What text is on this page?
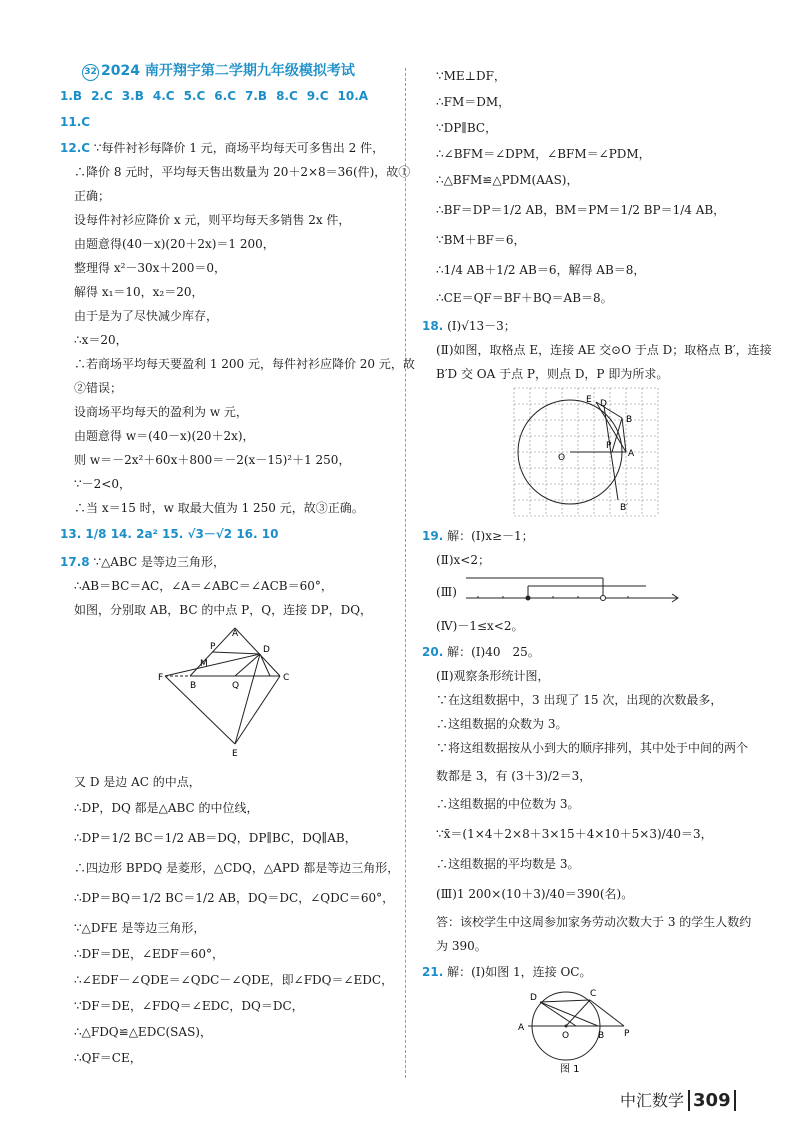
32 2024 南开翔宇第二学期九年级模拟考试

1.B 2.C 3.B 4.C 5.C 6.C 7.B 8.C 9.C 10.A

11.C

12.C ∵每件衬衫每降价 1 元，商场平均每天可多售出 2 件，

∴降价 8 元时，平均每天售出数量为 20＋2×8＝36(件)，故①

正确；

设每件衬衫应降价 x 元，则平均每天多销售 2x 件，

由题意得(40－x)(20＋2x)＝1 200，

整理得 x²－30x＋200＝0，

解得 x₁＝10，x₂＝20，

由于是为了尽快减少库存，

∴x＝20，

∴若商场平均每天要盈利 1 200 元，每件衬衫应降价 20 元，故

②错误；

设商场平均每天的盈利为 w 元，

由题意得 w＝(40－x)(20＋2x)，

则 w＝－2x²＋60x＋800＝－2(x－15)²＋1 250，

∵－2<0，

∴当 x＝15 时，w 取最大值为 1 250 元，故③正确。

13. 1/8 14. 2a² 15. √3－√2 16. 10

17.8 ∵△ABC 是等边三角形，

∴AB＝BC＝AC，∠A＝∠ABC＝∠ACB＝60°，

如图，分别取 AB，BC 的中点 P，Q，连接 DP，DQ，

A
P	D
M
F
B	Q
C
E

又 D 是边 AC 的中点，

∴DP，DQ 都是△ABC 的中位线，

∴DP＝1/2 BC＝1/2 AB＝DQ，DP∥BC，DQ∥AB，

∴四边形 BPDQ 是菱形，△CDQ，△APD 都是等边三角形，

∴DP＝BQ＝1/2 BC＝1/2 AB，DQ＝DC，∠QDC＝60°，

∵△DFE 是等边三角形，

∴DF＝DE，∠EDF＝60°，

∴∠EDF－∠QDE＝∠QDC－∠QDE，即∠FDQ＝∠EDC，

∵DF＝DE，∠FDQ＝∠EDC，DQ＝DC，

∴△FDQ≌△EDC(SAS)，

∴QF＝CE，

∵ME⊥DF，

∴FM＝DM，

∵DP∥BC，

∴∠BFM＝∠DPM，∠BFM＝∠PDM，

∴△BFM≌△PDM(AAS)，

∴BF＝DP＝1/2 AB，BM＝PM＝1/2 BP＝1/4 AB，

∵BM＋BF＝6，

∴1/4 AB＋1/2 AB＝6，解得 AB＝8，

∴CE＝QF＝BF＋BQ＝AB＝8。

18. (Ⅰ)√13－3；

(Ⅱ)如图，取格点 E，连接 AE 交⊙O 于点 D；取格点 B′，连接

B′D 交 OA 于点 P，则点 D，P 即为所求。

E D
B
O
P
A
B′

19. 解：(Ⅰ)x≥－1；

(Ⅱ)x<2；

(Ⅲ)

(Ⅳ)－1≤x<2。

20. 解：(Ⅰ)40　25。

(Ⅱ)观察条形统计图，

∵在这组数据中，3 出现了 15 次，出现的次数最多，

∴这组数据的众数为 3。

∵将这组数据按从小到大的顺序排列，其中处于中间的两个

数都是 3，有 (3＋3)/2＝3，

∴这组数据的中位数为 3。

∵x̄＝(1×4＋2×8＋3×15＋4×10＋5×3)/40＝3，

∴这组数据的平均数是 3。

(Ⅲ)1 200×(10＋3)/40＝390(名)。

答：该校学生中这周参加家务劳动次数大于 3 的学生人数约

为 390。

21. 解：(Ⅰ)如图 1，连接 OC。

D	C
A
O	B P
图 1
中汇数学 309
